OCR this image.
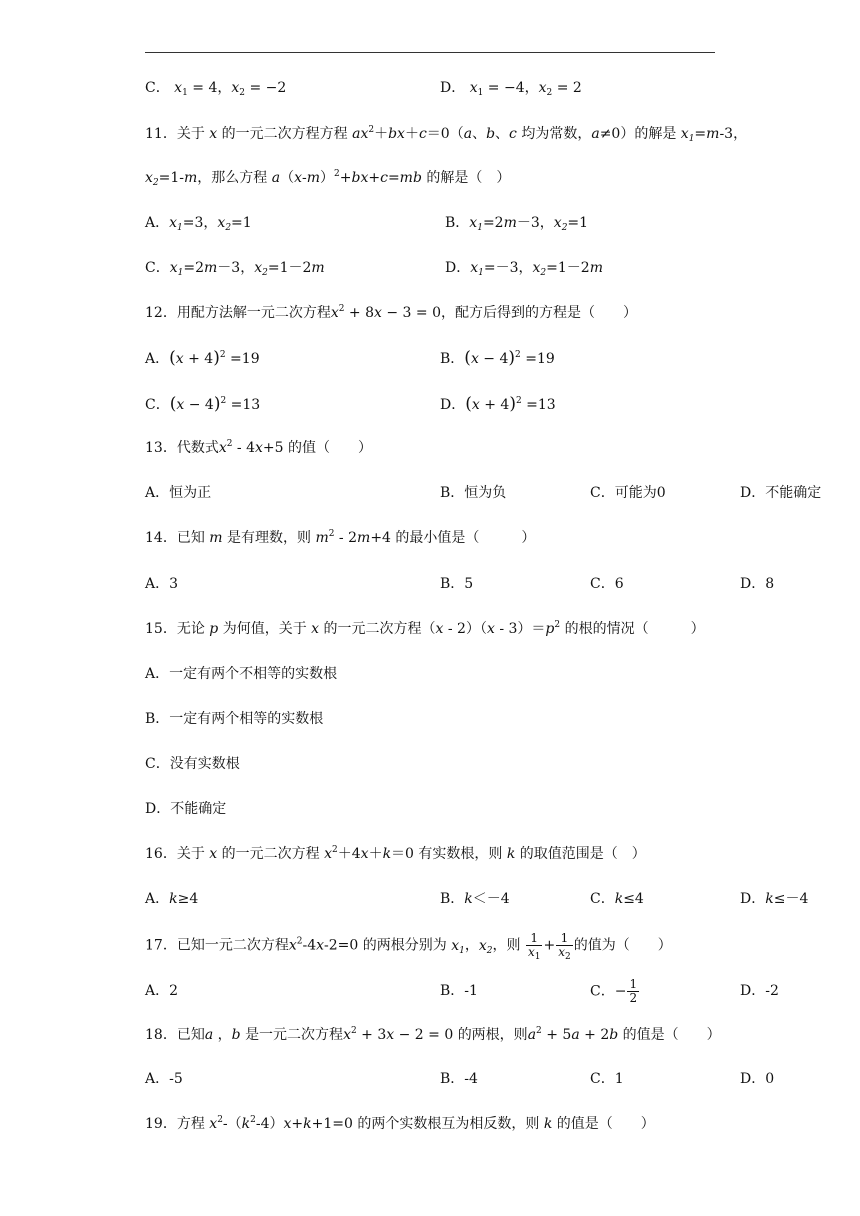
C． $x_1 = 4$，$x_2 = -2$	D． $x_1 = -4$，$x_2 = 2$
11．关于 x 的一元二次方程方程 $ax^2+bx+c=0(a$、b、c 均为常数，a≠0）的解是 $x_1=m-3$，
$x_2=1-m$，那么方程 $a(x-m)^2+bx+c=mb$ 的解是（　）
A．$x_1=3$，$x_2=1$	B．$x_1=2m-3$，$x_2=1$
C．$x_1=2m-3$，$x_2=1-2m$	D．$x_1=-3$，$x_2=1-2m$
12．用配方法解一元二次方程$x^2 + 8x - 3 = 0$，配方后得到的方程是（　　）
A．$(x + 4)^2 =19$	B．$(x - 4)^2 =19$
C．$(x - 4)^2 =13$	D．$(x + 4)^2 =13$
13．代数式$x^2 - 4x+5$ 的值（　　）
A．恒为正	B．恒为负	C．可能为0	D．不能确定
14．已知 m 是有理数，则 $m^2 - 2m+4$ 的最小值是（　　　）
A．3	B．5	C．6	D．8
15．无论 p 为何值，关于 x 的一元二次方程$(x - 2)(x - 3)=p^2$ 的根的情况（　　　）
A．一定有两个不相等的实数根
B．一定有两个相等的实数根
C．没有实数根
D．不能确定
16．关于 x 的一元二次方程 $x^2+4x+k=0$ 有实数根，则 k 的取值范围是（　）
A．k≥4	B．k＜－4	C．k≤4	D．k≤－4
17．已知一元二次方程$x^2-4x-2=0$ 的两根分别为 $x_1$，$x_2$，则 $\frac{1}{x_1} + \frac{1}{x_2}$ 的值为（　　）
A．2	B．-1	C．− $\frac{1}{2}$	D．-2
18．已知a ，b 是一元二次方程$x^2 + 3x - 2 = 0$ 的两根，则$a^2 + 5a + 2b$ 的值是（　　）
A．-5	B．-4	C．1	D．0
19．方程 $x^2-(k^2-4)x+k+1=0$ 的两个实数根互为相反数，则 k 的值是（　　）
